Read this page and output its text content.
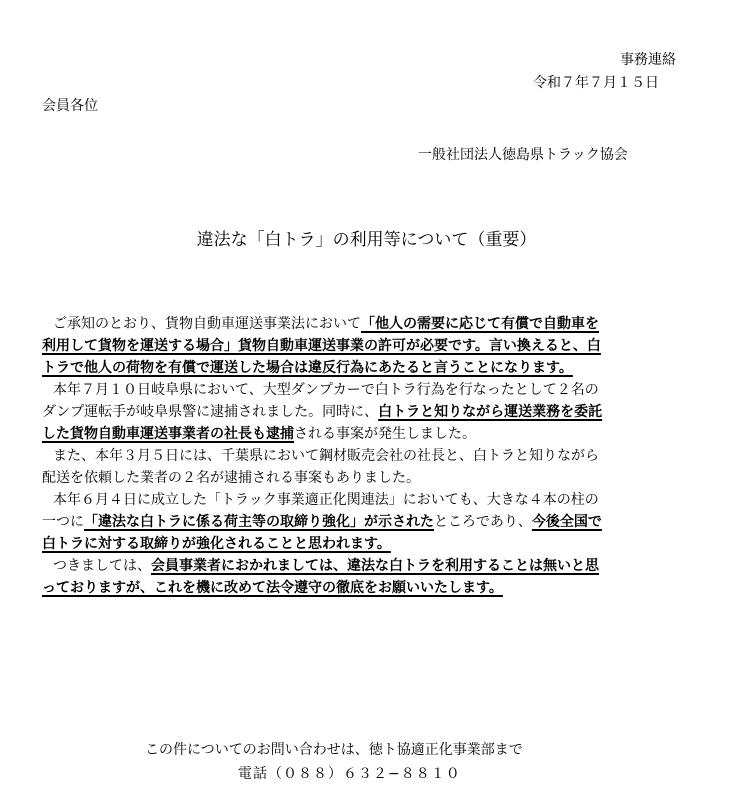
事務連絡
令和７年７月１５日
会員各位
一般社団法人徳島県トラック協会
違法な「白トラ」の利用等について（重要）
ご承知のとおり、貨物自動車運送事業法において「他人の需要に応じて有償で自動車を
利用して貨物を運送する場合」貨物自動車運送事業の許可が必要です。言い換えると、白
トラで他人の荷物を有償で運送した場合は違反行為にあたると言うことになります。
本年７月１０日岐阜県において、大型ダンプカーで白トラ行為を行なったとして２名の
ダンプ運転手が岐阜県警に逮捕されました。同時に、白トラと知りながら運送業務を委託
した貨物自動車運送事業者の社長も逮捕される事案が発生しました。
また、本年３月５日には、千葉県において鋼材販売会社の社長と、白トラと知りながら
配送を依頼した業者の２名が逮捕される事案もありました。
本年６月４日に成立した「トラック事業適正化関連法」においても、大きな４本の柱の
一つに「違法な白トラに係る荷主等の取締り強化」が示されたところであり、今後全国で
白トラに対する取締りが強化されることと思われます。
つきましては、会員事業者におかれましては、違法な白トラを利用することは無いと思
っておりますが、これを機に改めて法令遵守の徹底をお願いいたします。
この件についてのお問い合わせは、徳ト協適正化事業部まで
電話（０８８）６３２−８８１０
